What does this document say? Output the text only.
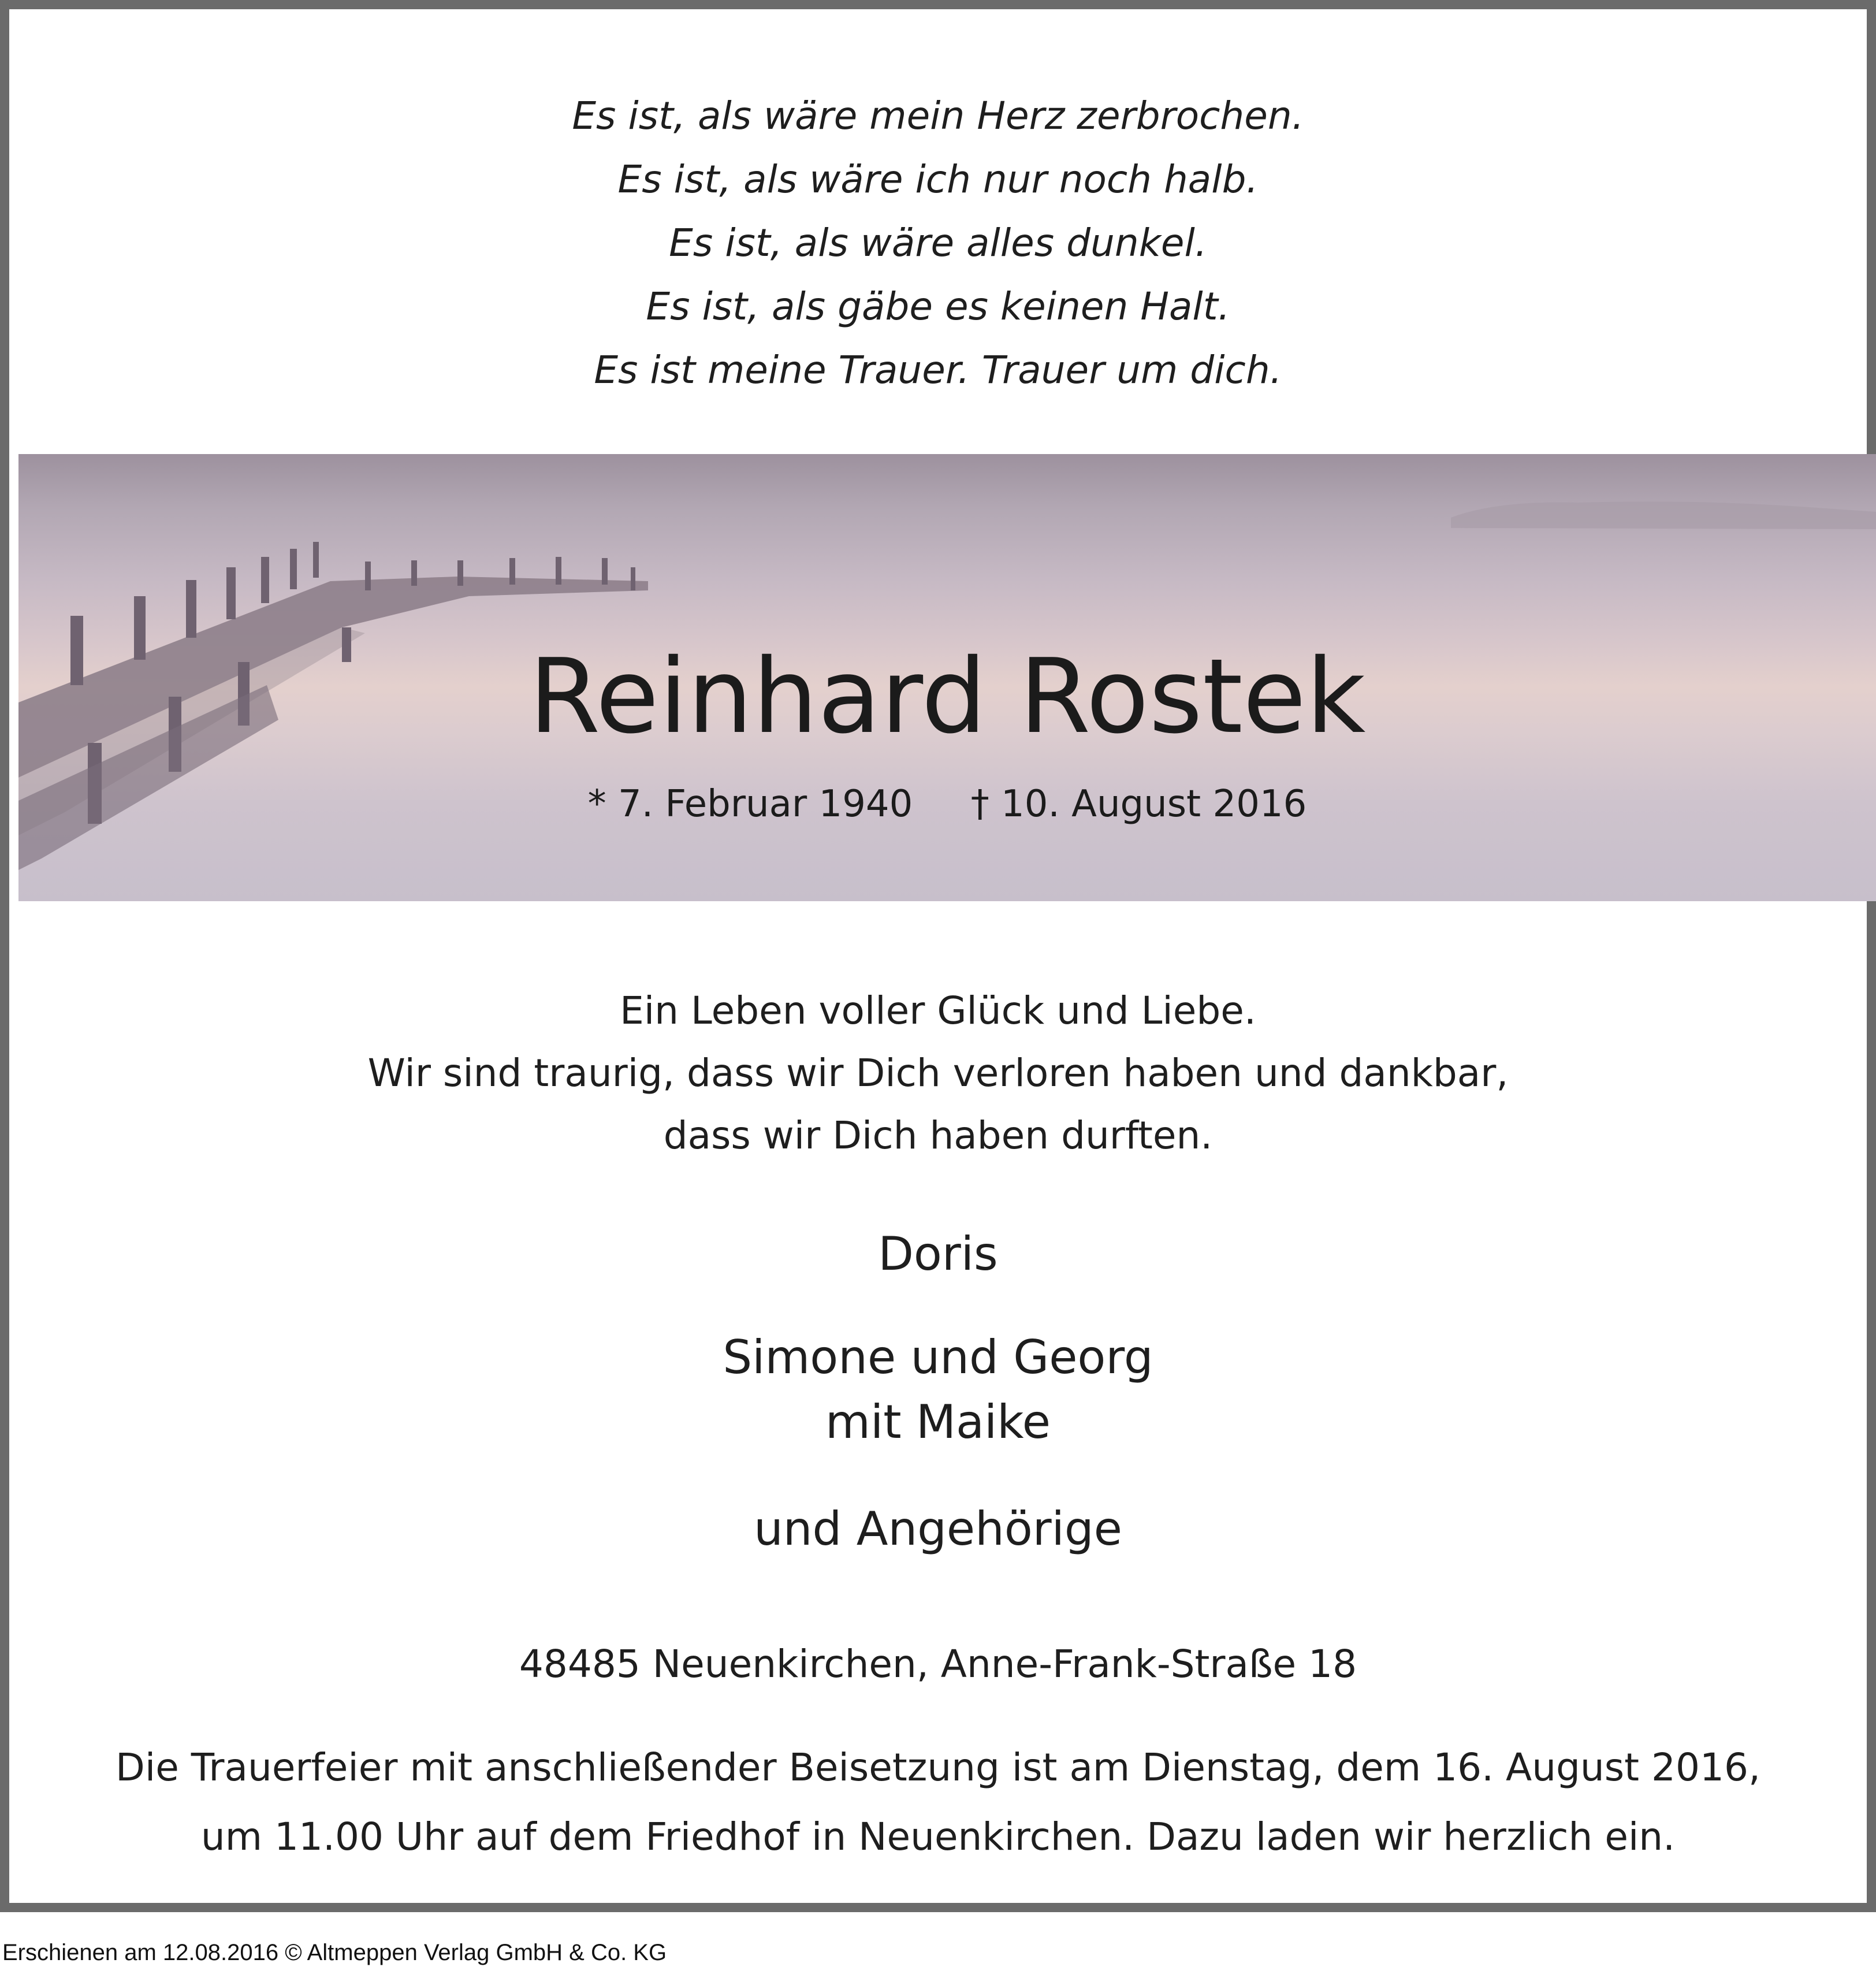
Es ist, als wäre mein Herz zerbrochen.
Es ist, als wäre ich nur noch halb.
Es ist, als wäre alles dunkel.
Es ist, als gäbe es keinen Halt.
Es ist meine Trauer. Trauer um dich.
Reinhard Rostek
* 7. Februar 1940 † 10. August 2016
Ein Leben voller Glück und Liebe.
Wir sind traurig, dass wir Dich verloren haben und dankbar,
dass wir Dich haben durften.
Doris
Simone und Georg
mit Maike
und Angehörige
48485 Neuenkirchen, Anne-Frank-Straße 18
Die Trauerfeier mit anschließender Beisetzung ist am Dienstag, dem 16. August 2016,
um 11.00 Uhr auf dem Friedhof in Neuenkirchen. Dazu laden wir herzlich ein.
Erschienen am 12.08.2016 © Altmeppen Verlag GmbH & Co. KG
